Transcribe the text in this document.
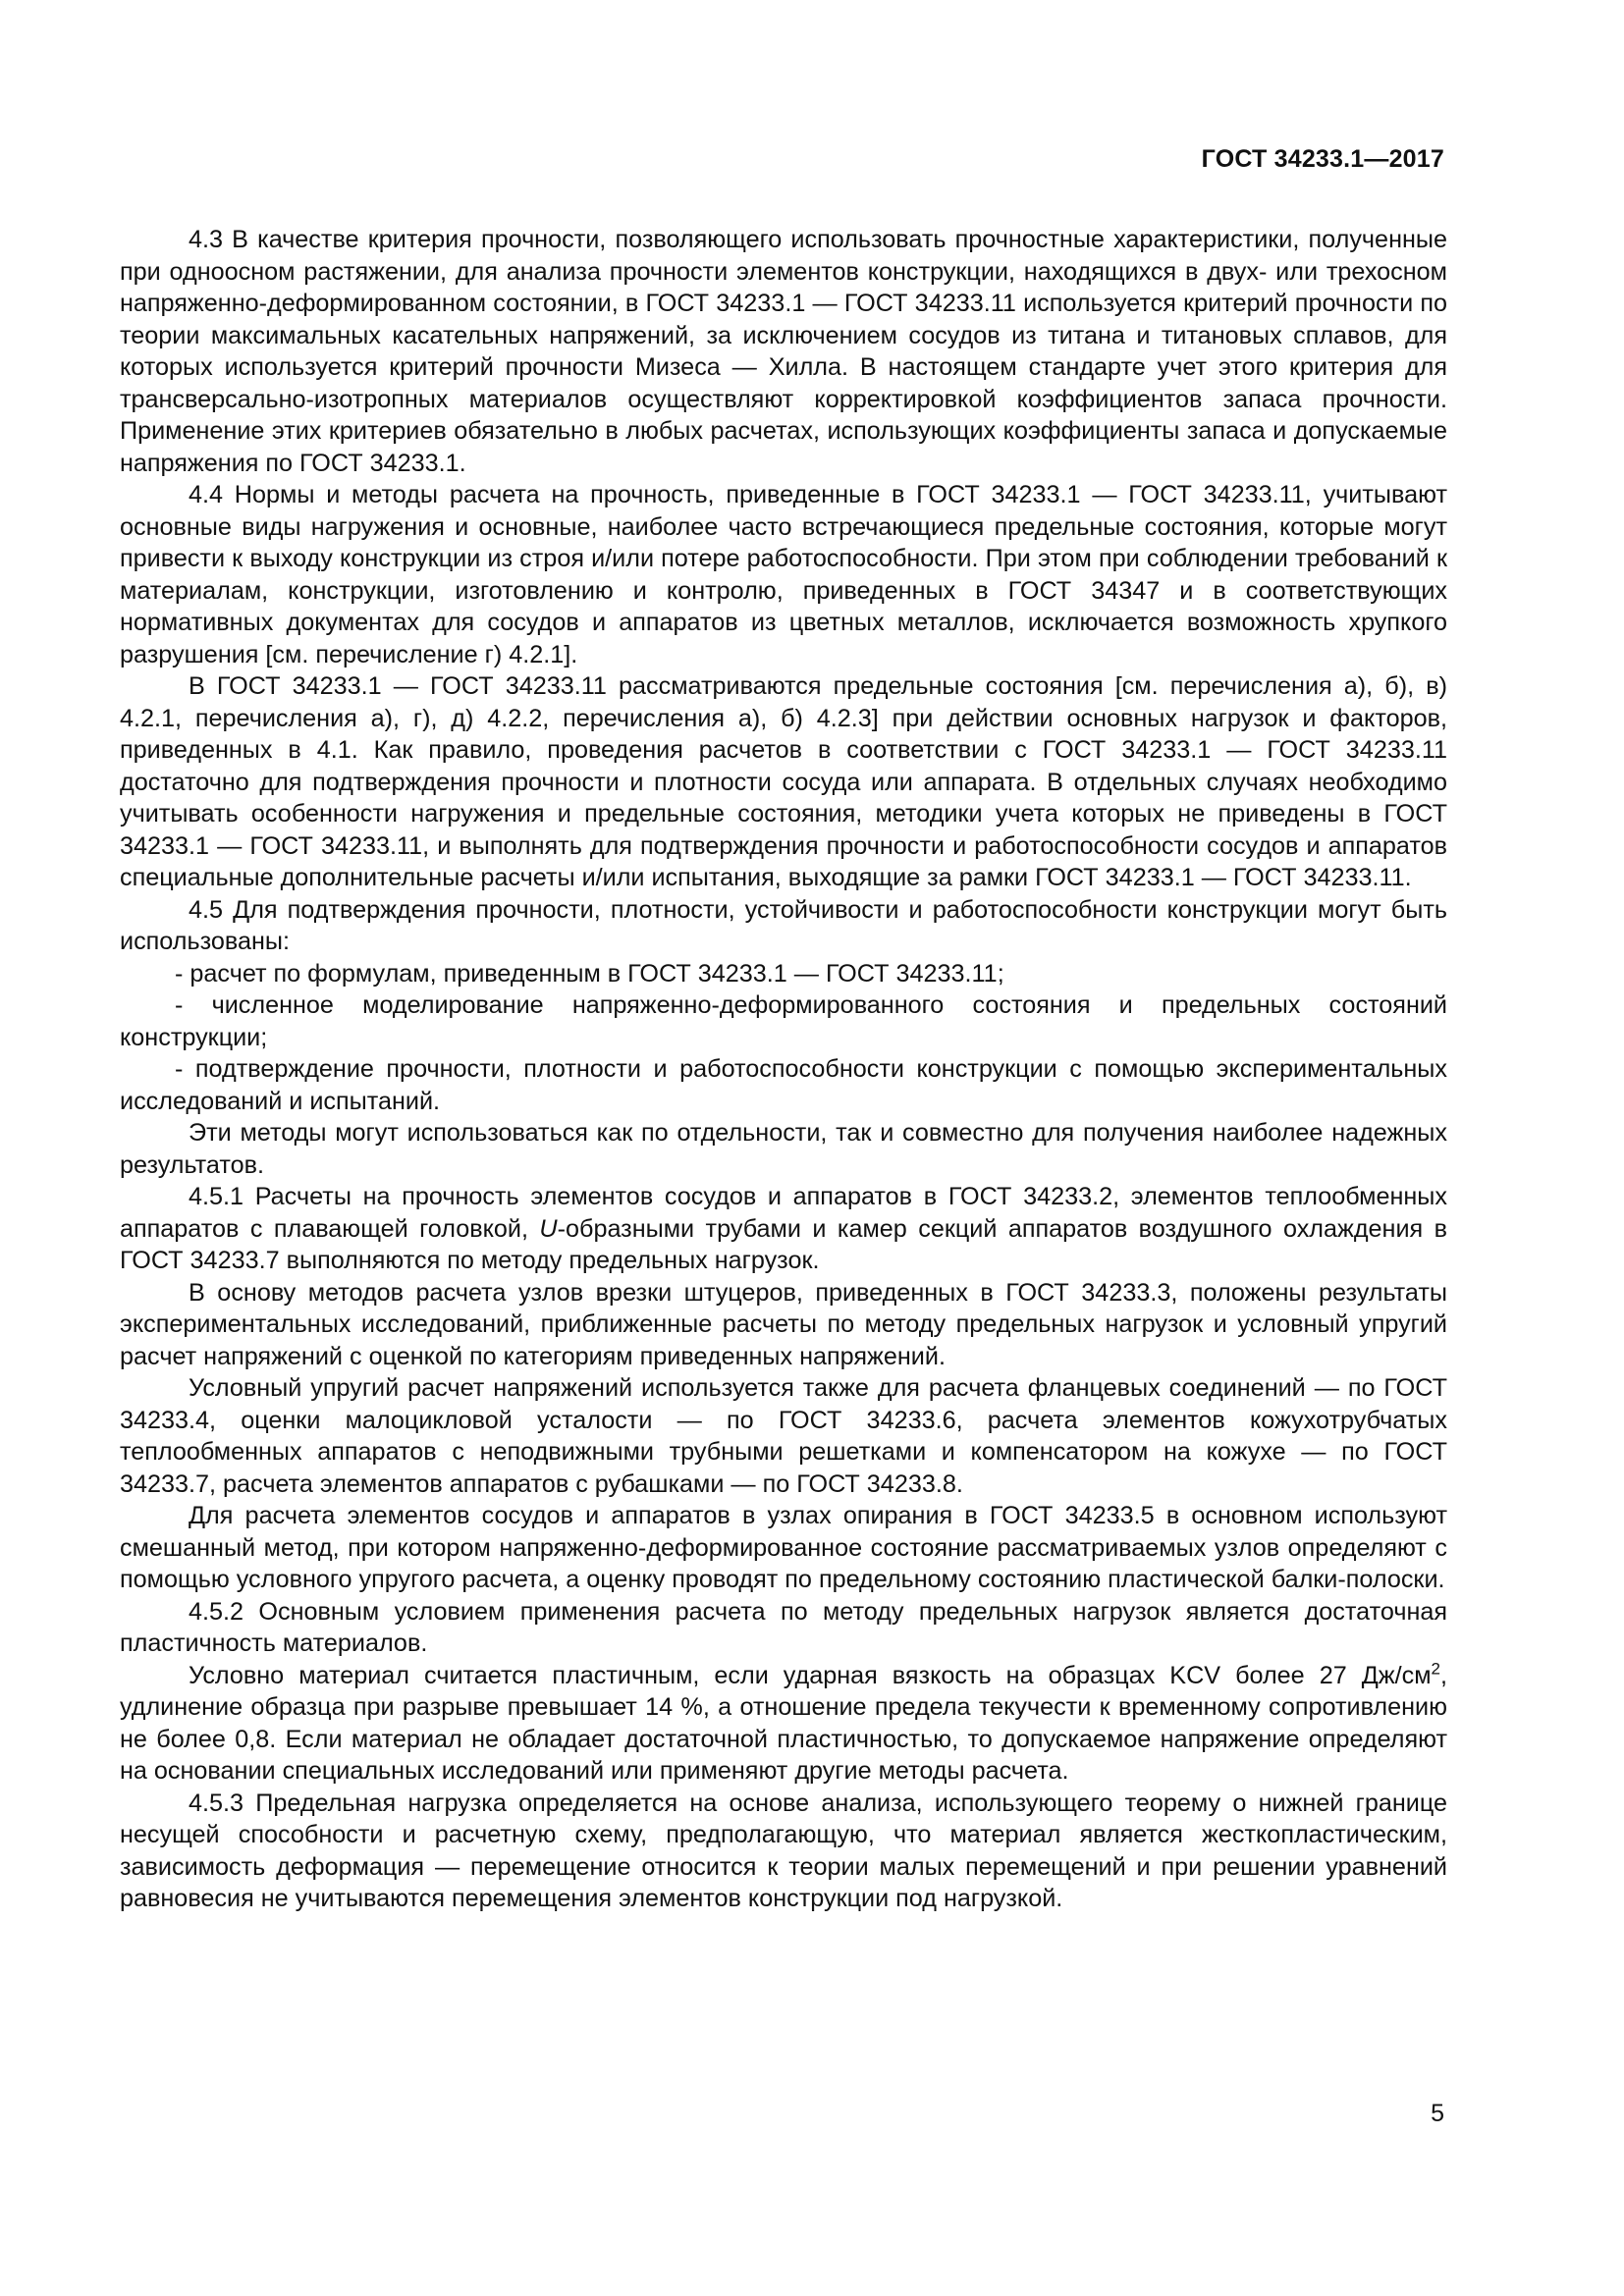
ГОСТ 34233.1—2017

4.3 В качестве критерия прочности, позволяющего использовать прочностные характеристики, полученные при одноосном растяжении, для анализа прочности элементов конструкции, находящихся в двух- или трехосном напряженно-деформированном состоянии, в ГОСТ 34233.1 — ГОСТ 34233.11 используется критерий прочности по теории максимальных касательных напряжений, за исключением сосудов из титана и титановых сплавов, для которых используется критерий прочности Мизеса — Хилла. В настоящем стандарте учет этого критерия для трансверсально-изотропных материалов осуществляют корректировкой коэффициентов запаса прочности. Применение этих критериев обязательно в любых расчетах, использующих коэффициенты запаса и допускаемые напряжения по ГОСТ 34233.1.

4.4 Нормы и методы расчета на прочность, приведенные в ГОСТ 34233.1 — ГОСТ 34233.11, учитывают основные виды нагружения и основные, наиболее часто встречающиеся предельные состояния, которые могут привести к выходу конструкции из строя и/или потере работоспособности. При этом при соблюдении требований к материалам, конструкции, изготовлению и контролю, приведенных в ГОСТ 34347 и в соответствующих нормативных документах для сосудов и аппаратов из цветных металлов, исключается возможность хрупкого разрушения [см. перечисление г) 4.2.1].

В ГОСТ 34233.1 — ГОСТ 34233.11 рассматриваются предельные состояния [см. перечисления а), б), в) 4.2.1, перечисления а), г), д) 4.2.2, перечисления а), б) 4.2.3] при действии основных нагрузок и факторов, приведенных в 4.1. Как правило, проведения расчетов в соответствии с ГОСТ 34233.1 — ГОСТ 34233.11 достаточно для подтверждения прочности и плотности сосуда или аппарата. В отдельных случаях необходимо учитывать особенности нагружения и предельные состояния, методики учета которых не приведены в ГОСТ 34233.1 — ГОСТ 34233.11, и выполнять для подтверждения прочности и работоспособности сосудов и аппаратов специальные дополнительные расчеты и/или испытания, выходящие за рамки ГОСТ 34233.1 — ГОСТ 34233.11.

4.5 Для подтверждения прочности, плотности, устойчивости и работоспособности конструкции могут быть использованы:

- расчет по формулам, приведенным в ГОСТ 34233.1 — ГОСТ 34233.11;

- численное моделирование напряженно-деформированного состояния и предельных состояний конструкции;

- подтверждение прочности, плотности и работоспособности конструкции с помощью экспериментальных исследований и испытаний.

Эти методы могут использоваться как по отдельности, так и совместно для получения наиболее надежных результатов.

4.5.1 Расчеты на прочность элементов сосудов и аппаратов в ГОСТ 34233.2, элементов теплообменных аппаратов с плавающей головкой, U-образными трубами и камер секций аппаратов воздушного охлаждения в ГОСТ 34233.7 выполняются по методу предельных нагрузок.

В основу методов расчета узлов врезки штуцеров, приведенных в ГОСТ 34233.3, положены результаты экспериментальных исследований, приближенные расчеты по методу предельных нагрузок и условный упругий расчет напряжений с оценкой по категориям приведенных напряжений.

Условный упругий расчет напряжений используется также для расчета фланцевых соединений — по ГОСТ 34233.4, оценки малоцикловой усталости — по ГОСТ 34233.6, расчета элементов кожухотрубчатых теплообменных аппаратов с неподвижными трубными решетками и компенсатором на кожухе — по ГОСТ 34233.7, расчета элементов аппаратов с рубашками — по ГОСТ 34233.8.

Для расчета элементов сосудов и аппаратов в узлах опирания в ГОСТ 34233.5 в основном используют смешанный метод, при котором напряженно-деформированное состояние рассматриваемых узлов определяют с помощью условного упругого расчета, а оценку проводят по предельному состоянию пластической балки-полоски.

4.5.2 Основным условием применения расчета по методу предельных нагрузок является достаточная пластичность материалов.

Условно материал считается пластичным, если ударная вязкость на образцах KCV более 27 $Дж/см^2$, удлинение образца при разрыве превышает 14 %, а отношение предела текучести к временному сопротивлению не более 0,8. Если материал не обладает достаточной пластичностью, то допускаемое напряжение определяют на основании специальных исследований или применяют другие методы расчета.

4.5.3 Предельная нагрузка определяется на основе анализа, использующего теорему о нижней границе несущей способности и расчетную схему, предполагающую, что материал является жесткопластическим, зависимость деформация — перемещение относится к теории малых перемещений и при решении уравнений равновесия не учитываются перемещения элементов конструкции под нагрузкой.

5
